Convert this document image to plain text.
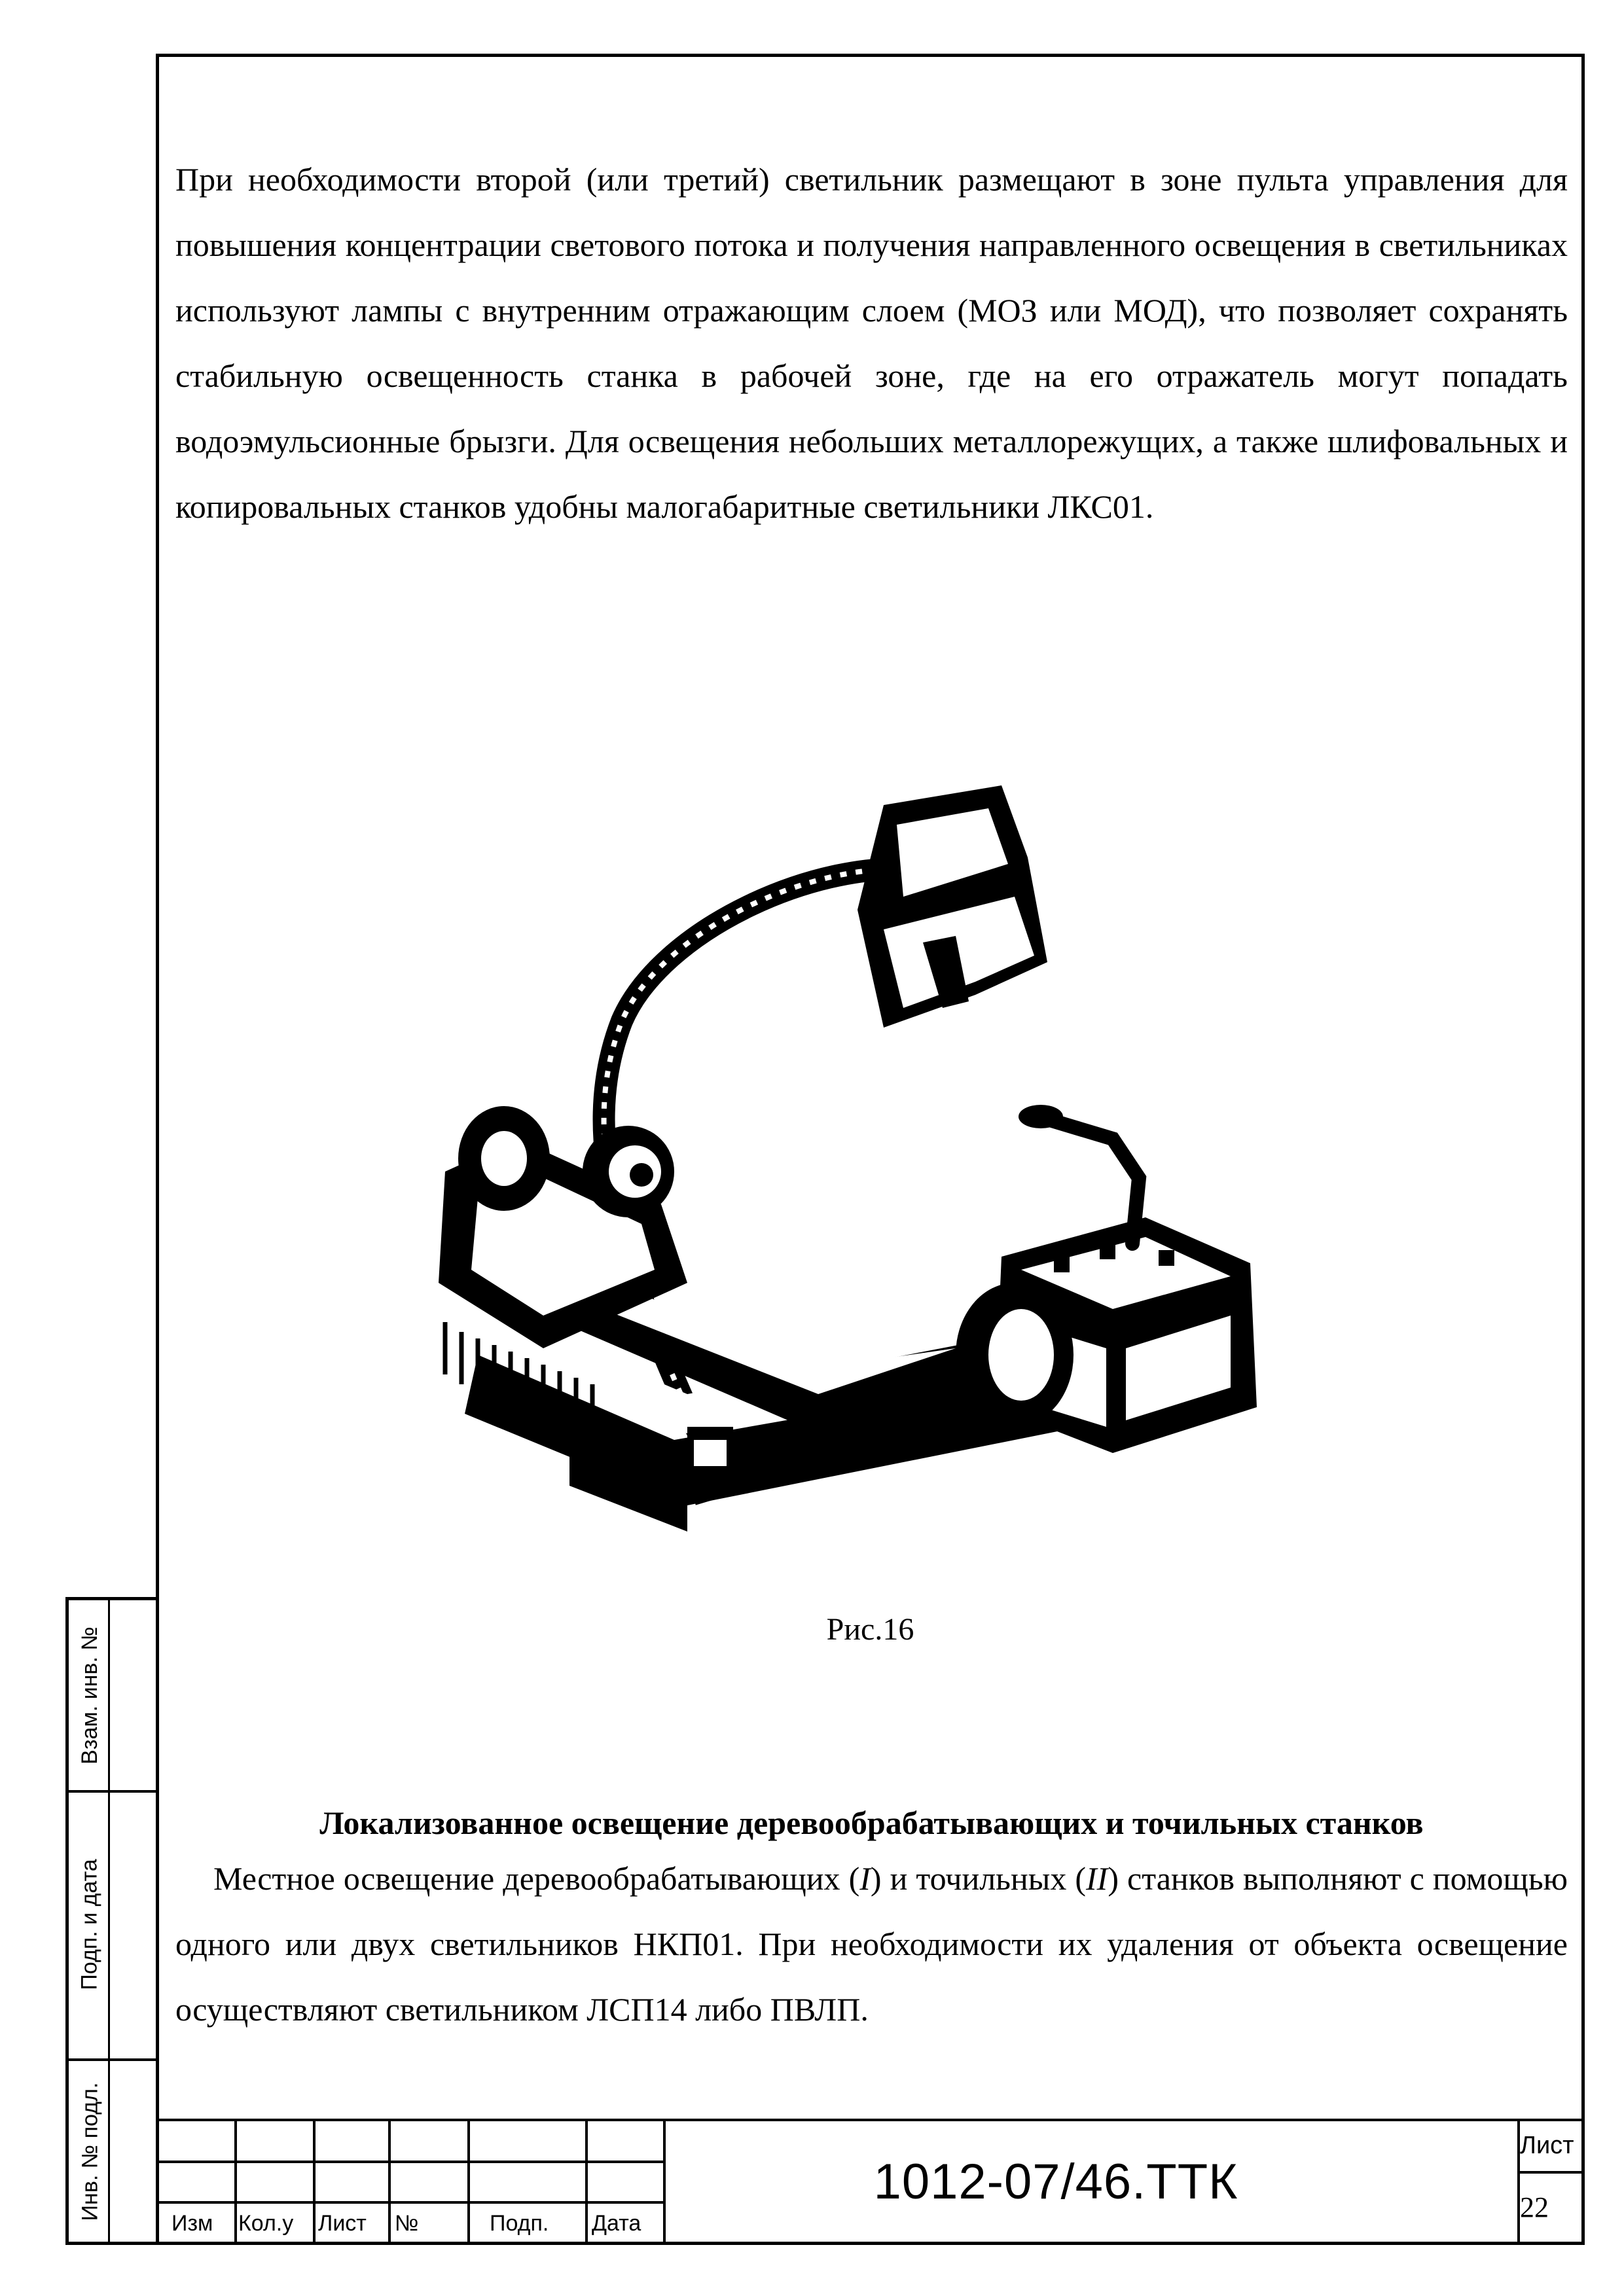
При необходимости второй (или третий) светильник размещают в зоне пульта управления для повышения концентрации светового потока и получения направленного освещения в светильниках используют лампы с внутренним отражающим слоем (МОЗ или МОД), что позволяет сохранять стабильную освещенность станка в рабочей зоне, где на его отражатель могут попадать водоэмульсионные брызги. Для освещения небольших металлорежущих, а также шлифовальных и копировальных станков удобны малогабаритные светильники ЛКС01.

Рис.16

Локализованное освещение деревообрабатывающих и точильных станков

Местное освещение деревообрабатывающих (I) и точильных (II) станков выполняют с помощью одного или двух светильников НКП01. При необходимости их удаления от объекта освещение осуществляют светильником ЛСП14 либо ПВЛП.

Взам. инв. №
Подп. и дата
Инв. № подл.
Изм Кол.у Лист №	Подп. Дата
1012-07/46.ТТК
Лист
22
